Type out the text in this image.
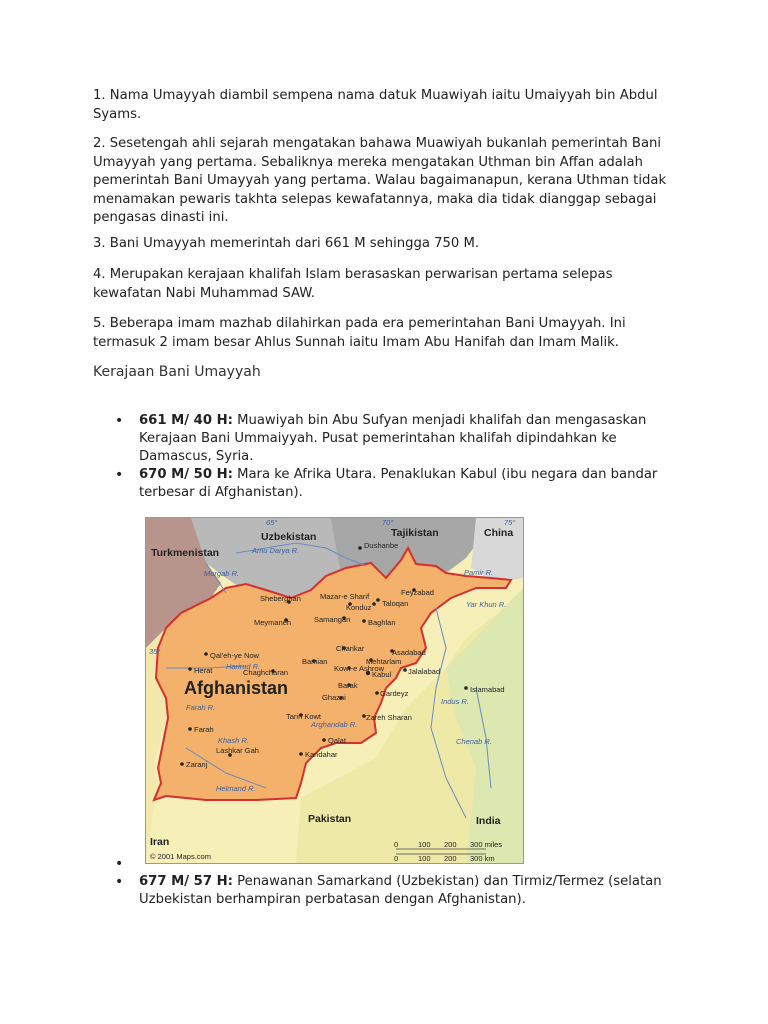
1. Nama Umayyah diambil sempena nama datuk Muawiyah iaitu Umaiyyah bin Abdul Syams.

2. Sesetengah ahli sejarah mengatakan bahawa Muawiyah bukanlah pemerintah Bani Umayyah yang pertama. Sebaliknya mereka mengatakan Uthman bin Affan adalah pemerintah Bani Umayyah yang pertama. Walau bagaimanapun, kerana Uthman tidak menamakan pewaris takhta selepas kewafatannya, maka dia tidak dianggap sebagai pengasas dinasti ini.

3. Bani Umayyah memerintah dari 661 M sehingga 750 M.

4. Merupakan kerajaan khalifah Islam berasaskan perwarisan pertama selepas kewafatan Nabi Muhammad SAW.

5. Beberapa imam mazhab dilahirkan pada era pemerintahan Bani Umayyah. Ini termasuk 2 imam besar Ahlus Sunnah iaitu Imam Abu Hanifah dan Imam Malik.

Kerajaan Bani Umayyah

• 661 M/ 40 H: Muawiyah bin Abu Sufyan menjadi khalifah dan mengasaskan Kerajaan Bani Ummaiyyah. Pusat pemerintahan khalifah dipindahkan ke Damascus, Syria.
• 670 M/ 50 H: Mara ke Afrika Utara. Penaklukan Kabul (ibu negara dan bandar terbesar di Afghanistan).
65°	70°	75°
35°
Uzbekistan	Tajikistan	China
Turkmenistan
Pakistan	India
Iran
Afghanistan
Amu Darya R.
Murgab R.
Harirud R.
Farah R.
Khash R.
Helmand R.
Arghandab R.
Pamir R.
Yar Khun R.
Indus R.
Chenab R.
Dushanbe
Feyzabad
Sheberghan	Mazar-e Sharif
Konduz Taloqan
Meymaneh	Samangan Baghlan
Qal'eh-ye Now
Charikar
Bamian	Mehtarlam
Asadabad
Herat	Chaghcharan	Kowt-e Ashrow
Kabul Jalalabad
Islamabad
Barak
Gardeyz
Ghazni
Zareh Sharan
Farah
Tarin Kowt
Qalat
Lashkar Gah	Kandahar
Zaranj
© 2001 Maps.com
0	100 200 300 miles
0	100 200 300 km
•
• 677 M/ 57 H: Penawanan Samarkand (Uzbekistan) dan Tirmiz/Termez (selatan Uzbekistan berhampiran perbatasan dengan Afghanistan).
